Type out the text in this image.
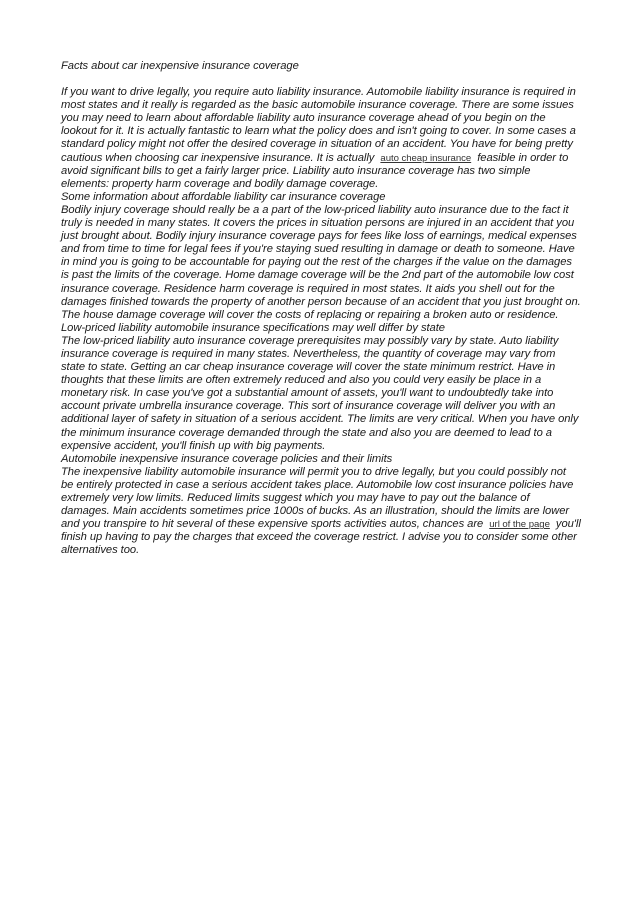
Facts about car inexpensive insurance coverage

If you want to drive legally, you require auto liability insurance. Automobile liability insurance is required in most states and it really is regarded as the basic automobile insurance coverage. There are some issues you may need to learn about affordable liability auto insurance coverage ahead of you begin on the lookout for it. It is actually fantastic to learn what the policy does and isn't going to cover. In some cases a standard policy might not offer the desired coverage in situation of an accident. You have for being pretty cautious when choosing car inexpensive insurance. It is actually auto cheap insurance feasible in order to avoid significant bills to get a fairly larger price. Liability auto insurance coverage has two simple elements: property harm coverage and bodily damage coverage.

Some information about affordable liability car insurance coverage

Bodily injury coverage should really be a a part of the low-priced liability auto insurance due to the fact it truly is needed in many states. It covers the prices in situation persons are injured in an accident that you just brought about. Bodily injury insurance coverage pays for fees like loss of earnings, medical expenses and from time to time for legal fees if you're staying sued resulting in damage or death to someone. Have in mind you is going to be accountable for paying out the rest of the charges if the value on the damages is past the limits of the coverage. Home damage coverage will be the 2nd part of the automobile low cost insurance coverage. Residence harm coverage is required in most states. It aids you shell out for the damages finished towards the property of another person because of an accident that you just brought on. The house damage coverage will cover the costs of replacing or repairing a broken auto or residence.

Low-priced liability automobile insurance specifications may well differ by state

The low-priced liability auto insurance coverage prerequisites may possibly vary by state. Auto liability insurance coverage is required in many states. Nevertheless, the quantity of coverage may vary from state to state. Getting an car cheap insurance coverage will cover the state minimum restrict. Have in thoughts that these limits are often extremely reduced and also you could very easily be place in a monetary risk. In case you've got a substantial amount of assets, you'll want to undoubtedly take into account private umbrella insurance coverage. This sort of insurance coverage will deliver you with an additional layer of safety in situation of a serious accident. The limits are very critical. When you have only the minimum insurance coverage demanded through the state and also you are deemed to lead to a expensive accident, you'll finish up with big payments.

Automobile inexpensive insurance coverage policies and their limits

The inexpensive liability automobile insurance will permit you to drive legally, but you could possibly not be entirely protected in case a serious accident takes place. Automobile low cost insurance policies have extremely very low limits. Reduced limits suggest which you may have to pay out the balance of damages. Main accidents sometimes price 1000s of bucks. As an illustration, should the limits are lower and you transpire to hit several of these expensive sports activities autos, chances are url of the page you'll finish up having to pay the charges that exceed the coverage restrict. I advise you to consider some other alternatives too.
